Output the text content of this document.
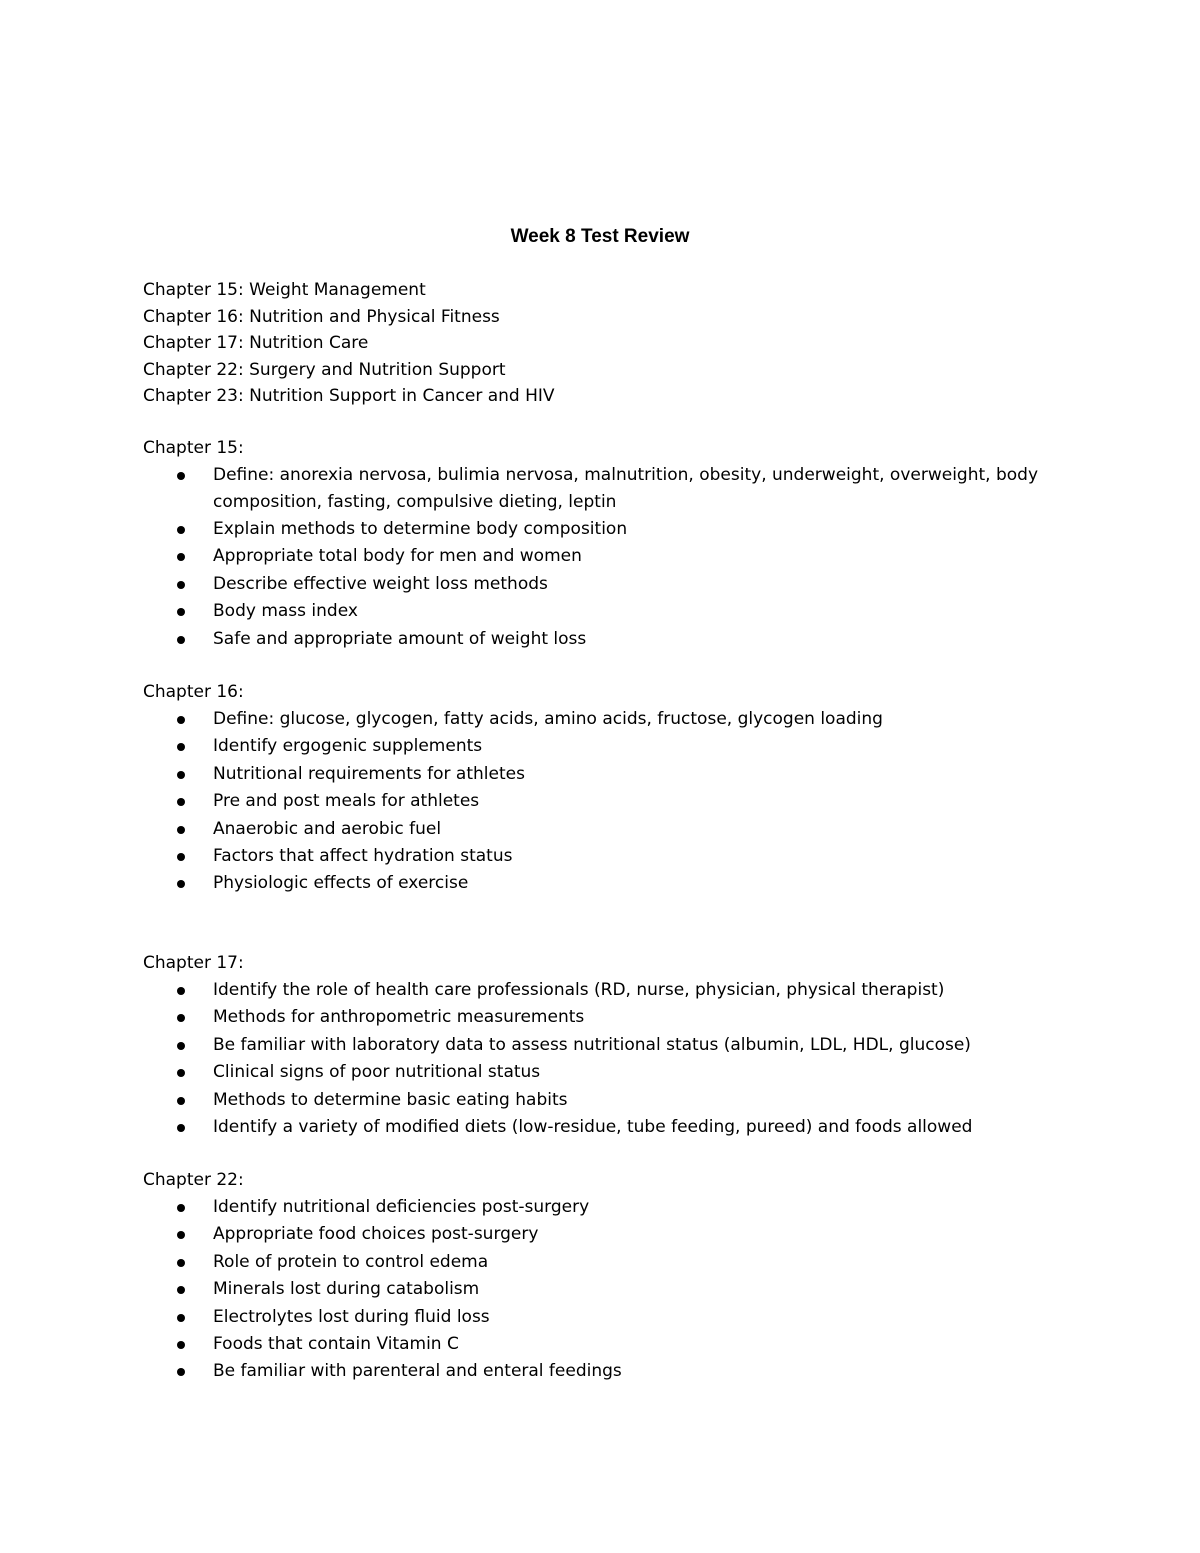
Week 8 Test Review
Chapter 15: Weight Management
Chapter 16: Nutrition and Physical Fitness
Chapter 17: Nutrition Care
Chapter 22: Surgery and Nutrition Support
Chapter 23: Nutrition Support in Cancer and HIV
Chapter 15:
Define: anorexia nervosa, bulimia nervosa, malnutrition, obesity, underweight, overweight, body composition, fasting, compulsive dieting, leptin
Explain methods to determine body composition
Appropriate total body for men and women
Describe effective weight loss methods
Body mass index
Safe and appropriate amount of weight loss
Chapter 16:
Define: glucose, glycogen, fatty acids, amino acids, fructose, glycogen loading
Identify ergogenic supplements
Nutritional requirements for athletes
Pre and post meals for athletes
Anaerobic and aerobic fuel
Factors that affect hydration status
Physiologic effects of exercise
Chapter 17:
Identify the role of health care professionals (RD, nurse, physician, physical therapist)
Methods for anthropometric measurements
Be familiar with laboratory data to assess nutritional status (albumin, LDL, HDL, glucose)
Clinical signs of poor nutritional status
Methods to determine basic eating habits
Identify a variety of modified diets (low-residue, tube feeding, pureed) and foods allowed
Chapter 22:
Identify nutritional deficiencies post-surgery
Appropriate food choices post-surgery
Role of protein to control edema
Minerals lost during catabolism
Electrolytes lost during fluid loss
Foods that contain Vitamin C
Be familiar with parenteral and enteral feedings
